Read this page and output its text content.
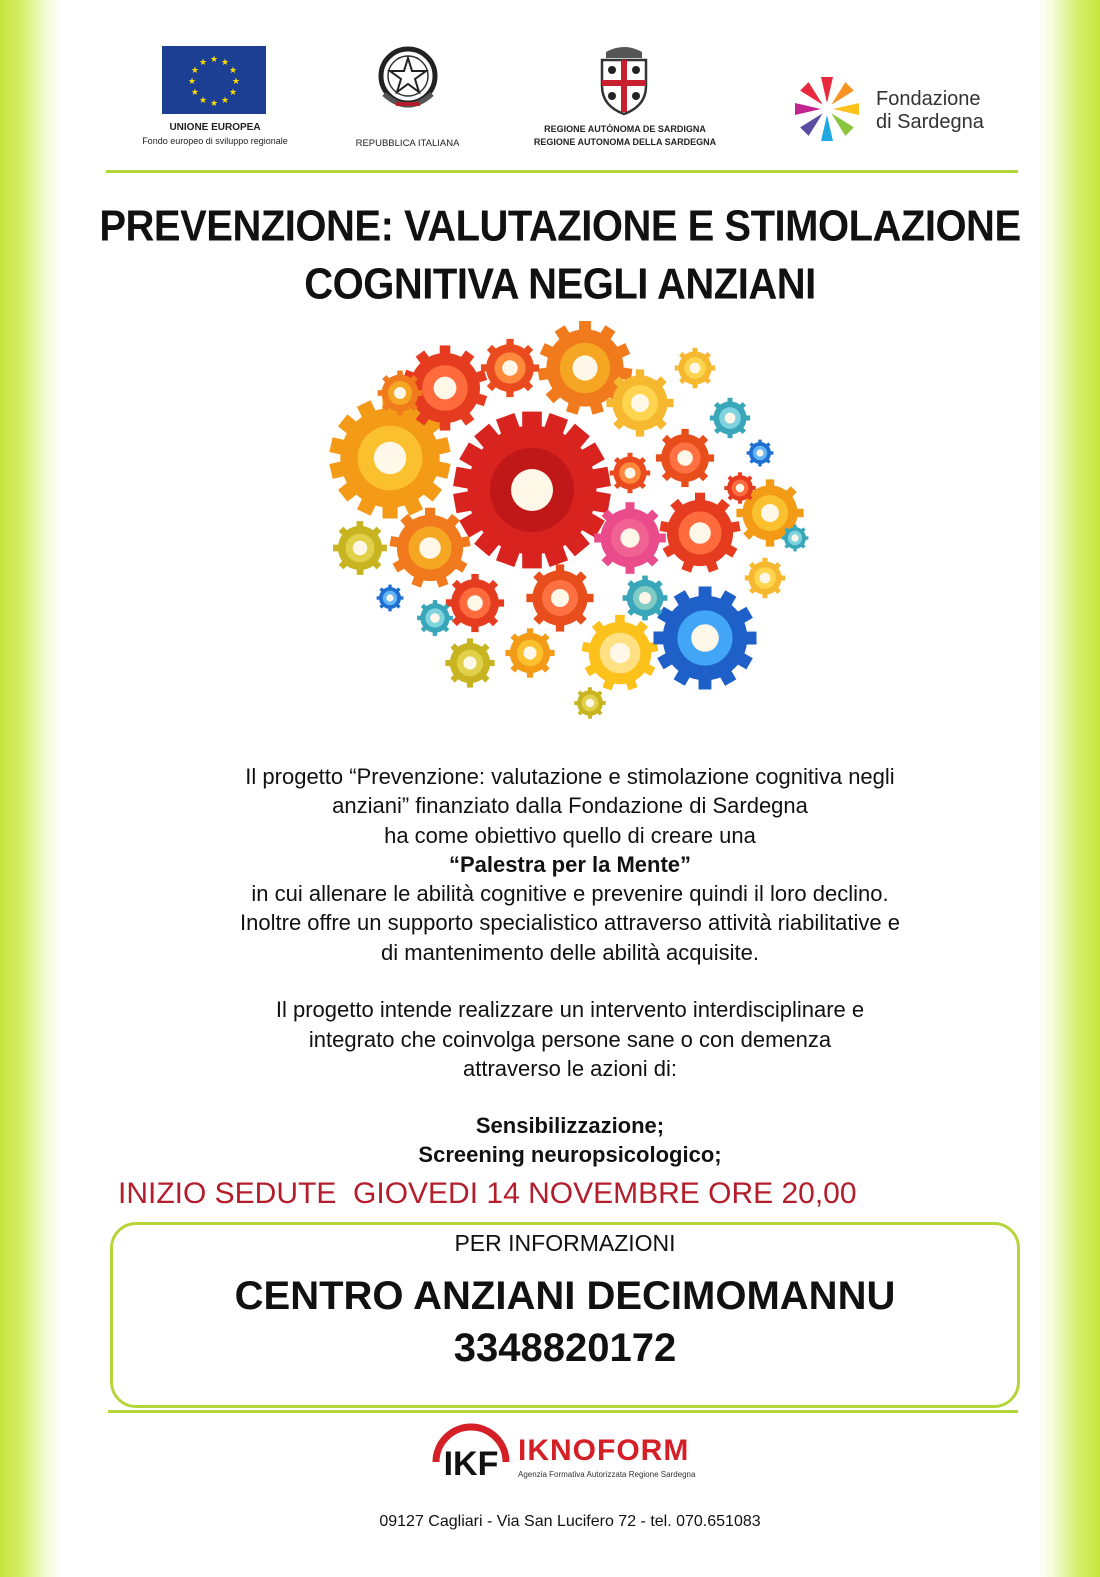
★ ★
★
★
★
★
★
★
★
★
★
★
UNIONE EUROPEA
Fondo europeo di sviluppo regionale	REPUBBLICA ITALIANA
REGIONE AUTÒNOMA DE SARDIGNA
REGIONE AUTONOMA DELLA SARDEGNA
Fondazione
di Sardegna
PREVENZIONE: VALUTAZIONE E STIMOLAZIONE
COGNITIVA NEGLI ANZIANI
Il progetto “Prevenzione: valutazione e stimolazione cognitiva negli
anziani” finanziato dalla Fondazione di Sardegna
ha come obiettivo quello di creare una
“Palestra per la Mente”
in cui allenare le abilità cognitive e prevenire quindi il loro declino.
Inoltre offre un supporto specialistico attraverso attività riabilitative e
di mantenimento delle abilità acquisite.
Il progetto intende realizzare un intervento interdisciplinare e
integrato che coinvolga persone sane o con demenza
attraverso le azioni di:
Sensibilizzazione;
Screening neuropsicologico;
INIZIO SEDUTE  GIOVEDI 14 NOVEMBRE ORE 20,00
PER INFORMAZIONI
CENTRO ANZIANI DECIMOMANNU
3348820172
IKF IKNOFORM
Agenzia Formativa Autorizzata Regione Sardegna
09127 Cagliari - Via San Lucifero 72 - tel. 070.651083
